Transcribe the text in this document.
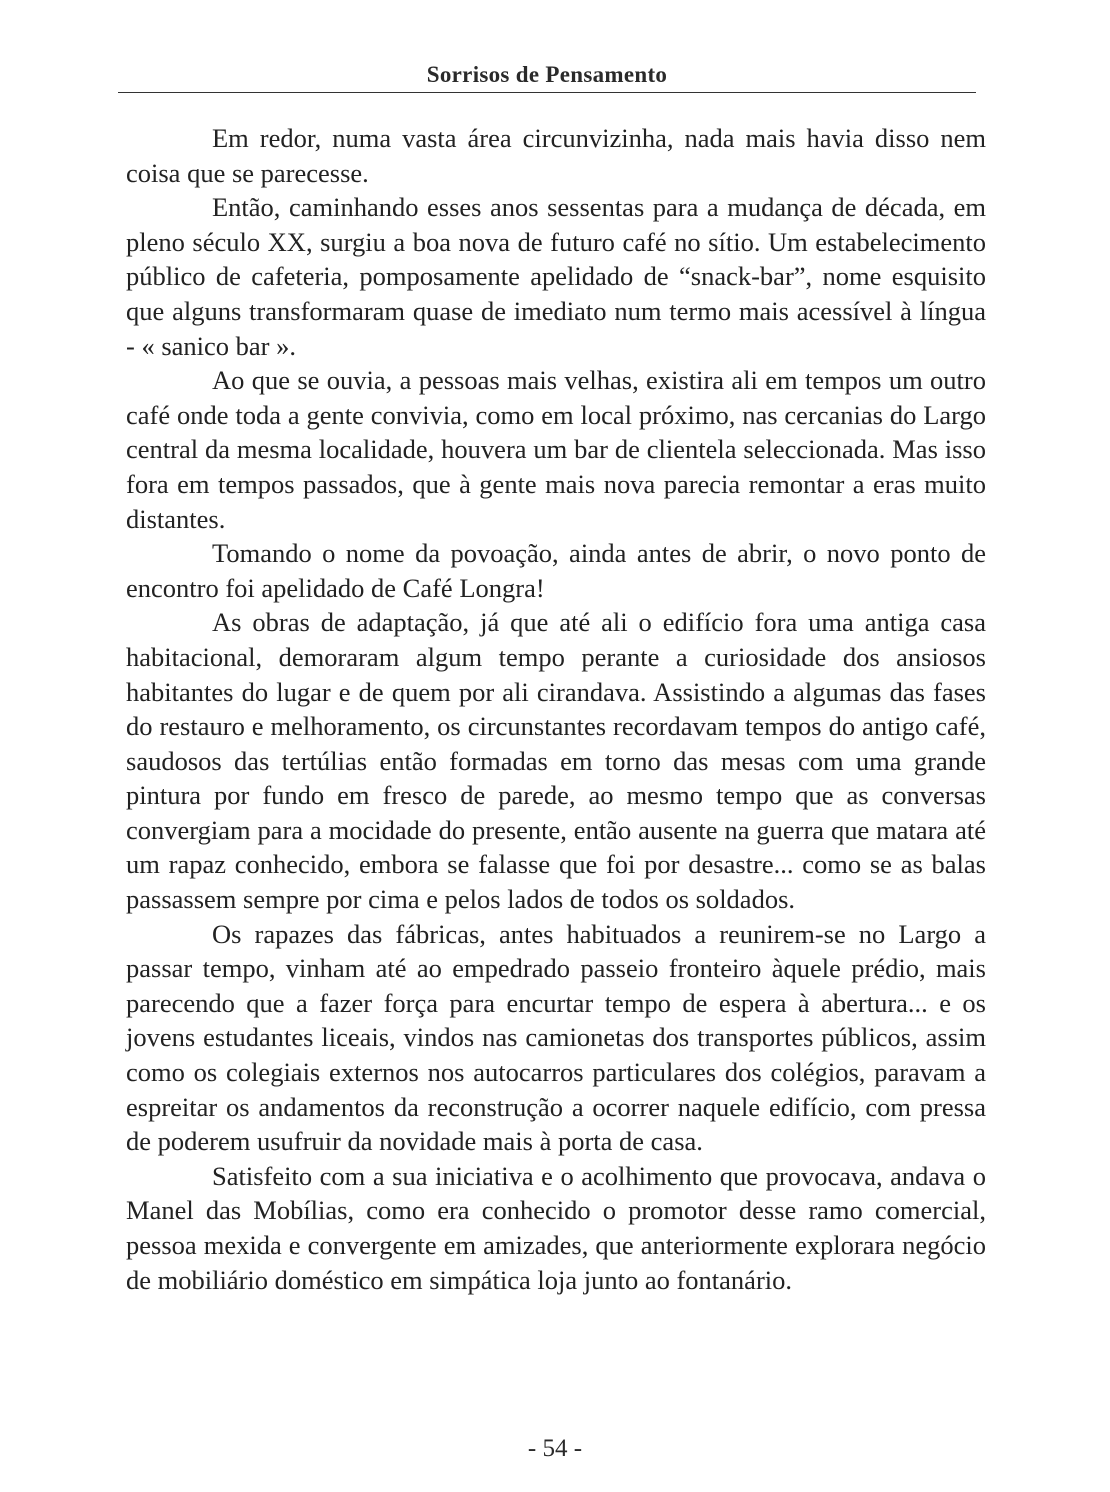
Sorrisos de Pensamento

Em redor, numa vasta área circunvizinha, nada mais havia disso nem coisa que se parecesse.

Então, caminhando esses anos sessentas para a mudança de década, em pleno século XX, surgiu a boa nova de futuro café no sítio. Um estabelecimento público de cafeteria, pomposamente apelidado de “snack-bar”, nome esquisito que alguns transformaram quase de imediato num termo mais acessível à língua - « sanico bar ».

Ao que se ouvia, a pessoas mais velhas, existira ali em tempos um outro café onde toda a gente convivia, como em local próximo, nas cercanias do Largo central da mesma localidade, houvera um bar de clientela seleccionada. Mas isso fora em tempos passados, que à gente mais nova parecia remontar a eras muito distantes.

Tomando o nome da povoação, ainda antes de abrir, o novo ponto de encontro foi apelidado de Café Longra!

As obras de adaptação, já que até ali o edifício fora uma antiga casa habitacional, demoraram algum tempo perante a curiosidade dos ansiosos habitantes do lugar e de quem por ali cirandava. Assistindo a algumas das fases do restauro e melhoramento, os circunstantes recordavam tempos do antigo café, saudosos das tertúlias então formadas em torno das mesas com uma grande pintura por fundo em fresco de parede, ao mesmo tempo que as conversas convergiam para a mocidade do presente, então ausente na guerra que matara até um rapaz conhecido, embora se falasse que foi por desastre... como se as balas passassem sempre por cima e pelos lados de todos os soldados.

Os rapazes das fábricas, antes habituados a reunirem-se no Largo a passar tempo, vinham até ao empedrado passeio fronteiro àquele prédio, mais parecendo que a fazer força para encurtar tempo de espera à abertura... e os jovens estudantes liceais, vindos nas camionetas dos transportes públicos, assim como os colegiais externos nos autocarros particulares dos colégios, paravam a espreitar os andamentos da reconstrução a ocorrer naquele edifício, com pressa de poderem usufruir da novidade mais à porta de casa.

Satisfeito com a sua iniciativa e o acolhimento que provocava, andava o Manel das Mobílias, como era conhecido o promotor desse ramo comercial, pessoa mexida e convergente em amizades, que anteriormente explorara negócio de mobiliário doméstico em simpática loja junto ao fontanário.

- 54 -
